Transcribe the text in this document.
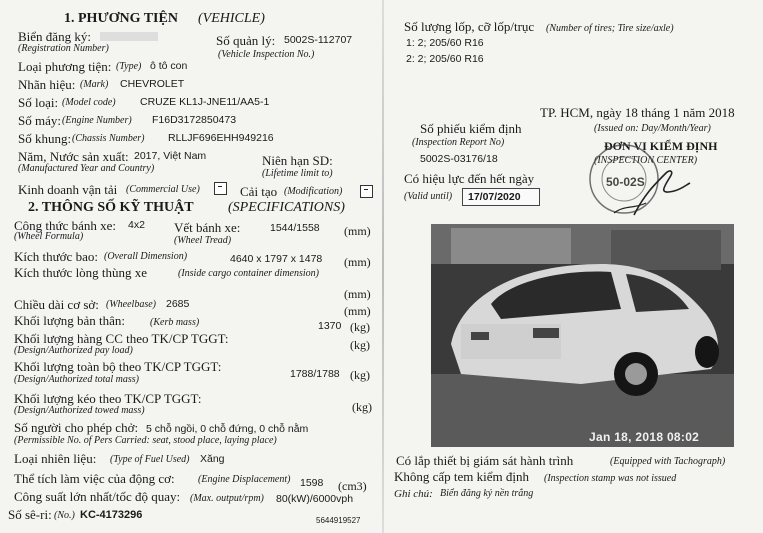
1. PHƯƠNG TIỆN (VEHICLE)
Biển đăng ký:	Số quản lý: 5002S-112707
(Registration Number)
(Vehicle Inspection No.)
Loại phương tiện: (Type) ô tô con
Nhãn hiệu: (Mark) CHEVROLET
Số loại: (Model code) CRUZE KL1J-JNE11/AA5-1
Số máy: (Engine Number) F16D3172850473
Số khung: (Chassis Number) RLLJF696EHH949216
Năm, Nước sản xuất: 2017, Việt Nam	Niên hạn SD:
(Manufactured Year and Country)	(Lifetime limit to)
Kinh doanh vận tải (Commercial Use)	Cải tạo (Modification)
2. THÔNG SỐ KỸ THUẬT (SPECIFICATIONS)
Công thức bánh xe: 4x2 Vết bánh xe:	1544/1558 (mm)
(Wheel Formula)	(Wheel Tread)
Kích thước bao: (Overall Dimension)	4640 x 1797 x 1478 (mm)
Kích thước lòng thùng xe	(Inside cargo container dimension)
(mm)
Chiều dài cơ sở: (Wheelbase) 2685	(mm)
Khối lượng bản thân: (Kerb mass)	1370 (kg)
Khối lượng hàng CC theo TK/CP TGGT:	(kg)
(Design/Authorized pay load)
Khối lượng toàn bộ theo TK/CP TGGT:	1788/1788 (kg)
(Design/Authorized total mass)
Khối lượng kéo theo TK/CP TGGT:
(kg)
(Design/Authorized towed mass)
Số người cho phép chở: 5 chỗ ngồi, 0 chỗ đứng, 0 chỗ nằm
(Permissible No. of Pers Carried: seat, stood place, laying place)
Loại nhiên liệu: (Type of Fuel Used) Xăng
Thể tích làm việc của động cơ: (Engine Displacement) 1598 (cm3)
Công suất lớn nhất/tốc độ quay: (Max. output/rpm) 80(kW)/6000vph
Số sê-ri: (No.) KC-4173296	5644919527
Số lượng lốp, cỡ lốp/trục (Number of tires; Tire size/axle)
1: 2; 205/60 R16
2: 2; 205/60 R16
TP. HCM, ngày 18 tháng 1 năm 2018
(Issued on: Day/Month/Year)
Số phiếu kiểm định
(Inspection Report No)
5002S-03176/18
ĐƠN VỊ KIỂM ĐỊNH
(INSPECTION CENTER)
50-02S
Có hiệu lực đến hết ngày
(Valid until) 17/07/2020
Jan 18, 2018 08:02
Có lắp thiết bị giám sát hành trình	(Equipped with Tachograph)
Không cấp tem kiểm định (Inspection stamp was not issued
Ghi chú: Biển đăng ký nền trắng
